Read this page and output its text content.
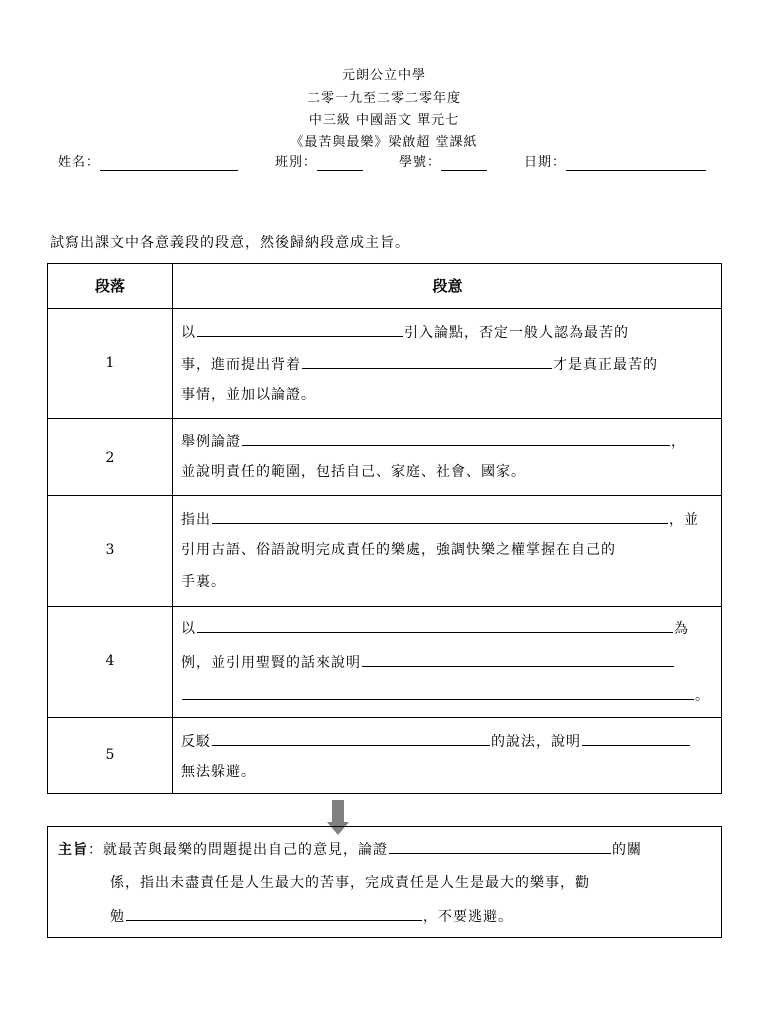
元朗公立中學
二零一九至二零二零年度
中三級 中國語文 單元七
《最苦與最樂》梁啟超 堂課紙
姓名：	班別：	學號：	日期：
試寫出課文中各意義段的段意，然後歸納段意成主旨。
段落	段意
1
以	引入論點，否定一般人認為最苦的
事，進而提出背着	才是真正最苦的
事情，並加以論證。
2
舉例論證	，
並說明責任的範圍，包括自己、家庭、社會、國家。
3
指出	，並
引用古語、俗語說明完成責任的樂處，強調快樂之權掌握在自己的
手裏。
4
以	為
例，並引用聖賢的話來說明
。
5
反駁	的說法，說明
無法躲避。
主旨：就最苦與最樂的問題提出自己的意見，論證	的關
係，指出未盡責任是人生最大的苦事，完成責任是人生是最大的樂事，勸
勉	，不要逃避。
